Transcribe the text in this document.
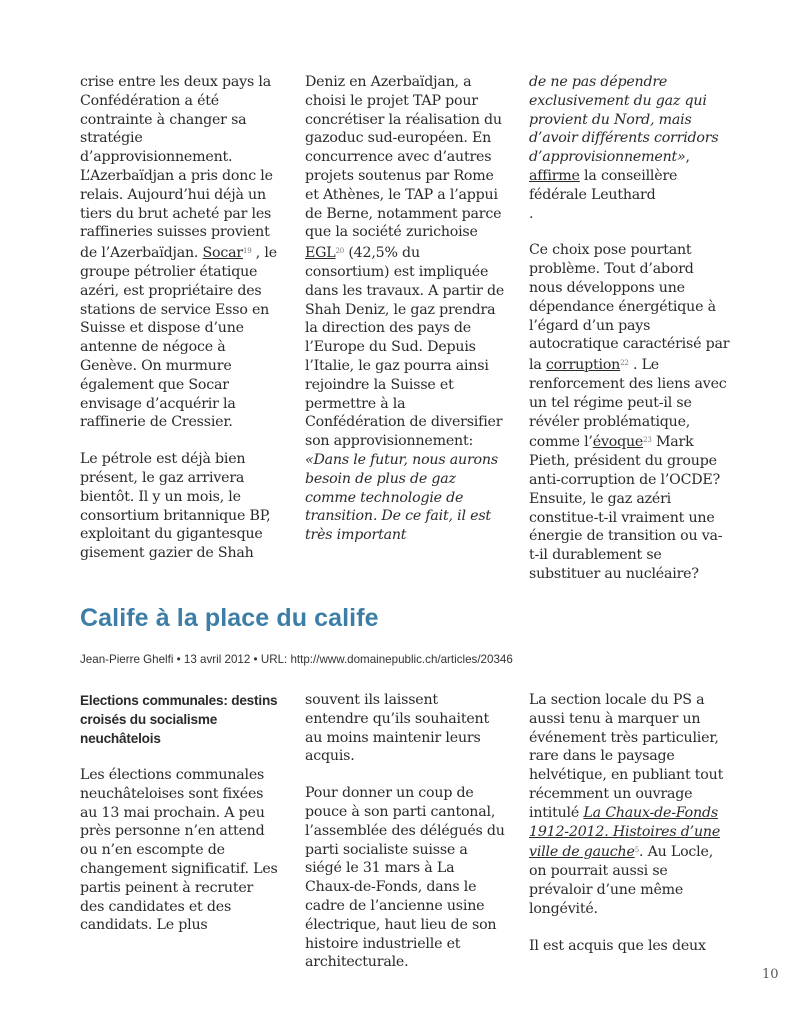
crise entre les deux pays la Confédération a été contrainte à changer sa stratégie d’approvisionnement. L’Azerbaïdjan a pris donc le relais. Aujourd’hui déjà un tiers du brut acheté par les raffineries suisses provient de l’Azerbaïdjan. Socar$^{19}$ , le groupe pétrolier étatique azéri, est propriétaire des stations de service Esso en Suisse et dispose d’une antenne de négoce à Genève. On murmure également que Socar envisage d’acquérir la raffinerie de Cressier.

Le pétrole est déjà bien présent, le gaz arrivera bientôt. Il y un mois, le consortium britannique BP, exploitant du gigantesque gisement gazier de Shah

Deniz en Azerbaïdjan, a choisi le projet TAP pour concrétiser la réalisation du gazoduc sud-européen. En concurrence avec d’autres projets soutenus par Rome et Athènes, le TAP a l’appui de Berne, notamment parce que la société zurichoise EGL$^{20}$ (42,5% du consortium) est impliquée dans les travaux. A partir de Shah Deniz, le gaz prendra la direction des pays de l’Europe du Sud. Depuis l’Italie, le gaz pourra ainsi rejoindre la Suisse et permettre à la Confédération de diversifier son approvisionnement: «Dans le futur, nous aurons besoin de plus de gaz comme technologie de transition. De ce fait, il est très important

de ne pas dépendre exclusivement du gaz qui provient du Nord, mais d’avoir différents corridors d’approvisionnement», affirme la conseillère fédérale Leuthard
.

Ce choix pose pourtant problème. Tout d’abord nous développons une dépendance énergétique à l’égard d’un pays autocratique caractérisé par la corruption$^{22}$ . Le renforcement des liens avec un tel régime peut-il se révéler problématique, comme l’évoque$^{23}$ Mark Pieth, président du groupe anti-corruption de l’OCDE? Ensuite, le gaz azéri constitue-t-il vraiment une énergie de transition ou va-t-il durablement se substituer au nucléaire?

Calife à la place du calife
Jean-Pierre Ghelfi • 13 avril 2012 • URL: http://www.domainepublic.ch/articles/20346

Elections communales: destins croisés du socialisme neuchâtelois

Les élections communales neuchâteloises sont fixées au 13 mai prochain. A peu près personne n’en attend ou n’en escompte de changement significatif. Les partis peinent à recruter des candidates et des candidats. Le plus

souvent ils laissent entendre qu’ils souhaitent au moins maintenir leurs acquis.

Pour donner un coup de pouce à son parti cantonal, l’assemblée des délégués du parti socialiste suisse a siégé le 31 mars à La Chaux-de-Fonds, dans le cadre de l’ancienne usine électrique, haut lieu de son histoire industrielle et architecturale.

La section locale du PS a aussi tenu à marquer un événement très particulier, rare dans le paysage helvétique, en publiant tout récemment un ouvrage intitulé La Chaux-de-Fonds 1912-2012. Histoires d’une ville de gauche$^5$. Au Locle, on pourrait aussi se prévaloir d’une même longévité.

Il est acquis que les deux

10
